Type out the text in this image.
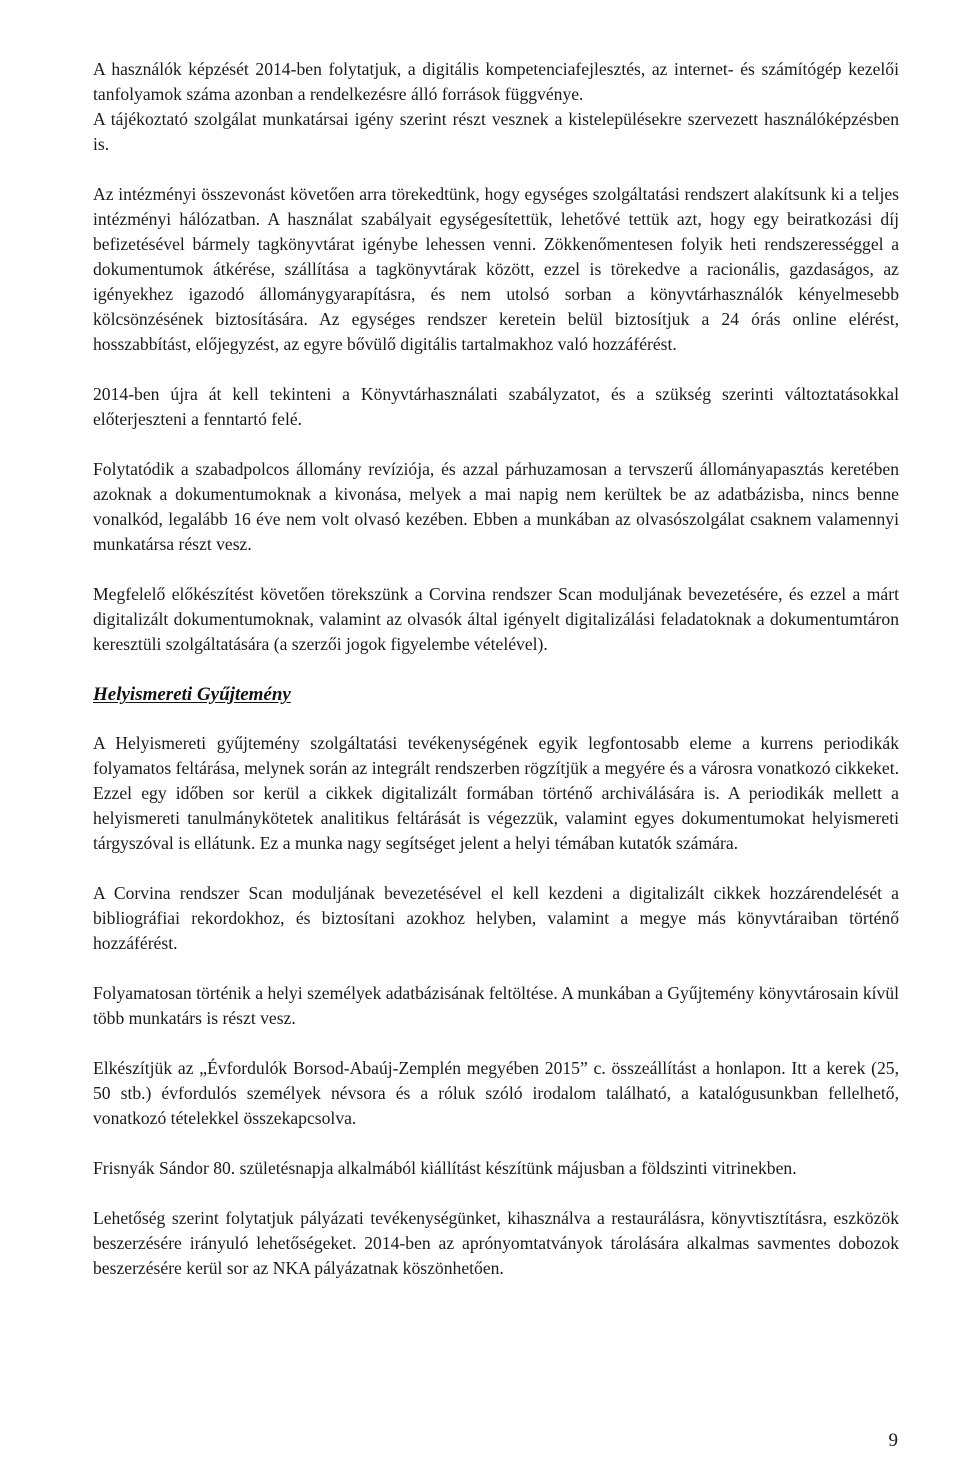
A használók képzését 2014-ben folytatjuk, a digitális kompetenciafejlesztés, az internet- és számítógép kezelői tanfolyamok száma azonban a rendelkezésre álló források függvénye.

A tájékoztató szolgálat munkatársai igény szerint részt vesznek a kistelepülésekre szervezett használóképzésben is.

Az intézményi összevonást követően arra törekedtünk, hogy egységes szolgáltatási rendszert alakítsunk ki a teljes intézményi hálózatban. A használat szabályait egységesítettük, lehetővé tettük azt, hogy egy beiratkozási díj befizetésével bármely tagkönyvtárat igénybe lehessen venni. Zökkenőmentesen folyik heti rendszerességgel a dokumentumok átkérése, szállítása a tagkönyvtárak között, ezzel is törekedve a racionális, gazdaságos, az igényekhez igazodó állománygyarapításra, és nem utolsó sorban a könyvtárhasználók kényelmesebb kölcsönzésének biztosítására. Az egységes rendszer keretein belül biztosítjuk a 24 órás online elérést, hosszabbítást, előjegyzést, az egyre bővülő digitális tartalmakhoz való hozzáférést.

2014-ben újra át kell tekinteni a Könyvtárhasználati szabályzatot, és a szükség szerinti változtatásokkal előterjeszteni a fenntartó felé.

Folytatódik a szabadpolcos állomány revíziója, és azzal párhuzamosan a tervszerű állományapasztás keretében azoknak a dokumentumoknak a kivonása, melyek a mai napig nem kerültek be az adatbázisba, nincs benne vonalkód, legalább 16 éve nem volt olvasó kezében. Ebben a munkában az olvasószolgálat csaknem valamennyi munkatársa részt vesz.

Megfelelő előkészítést követően törekszünk a Corvina rendszer Scan moduljának bevezetésére, és ezzel a márt digitalizált dokumentumoknak, valamint az olvasók által igényelt digitalizálási feladatoknak a dokumentumtáron keresztüli szolgáltatására (a szerzői jogok figyelembe vételével).

Helyismereti Gyűjtemény

A Helyismereti gyűjtemény szolgáltatási tevékenységének egyik legfontosabb eleme a kurrens periodikák folyamatos feltárása, melynek során az integrált rendszerben rögzítjük a megyére és a városra vonatkozó cikkeket. Ezzel egy időben sor kerül a cikkek digitalizált formában történő archiválására is. A periodikák mellett a helyismereti tanulmánykötetek analitikus feltárását is végezzük, valamint egyes dokumentumokat helyismereti tárgyszóval is ellátunk. Ez a munka nagy segítséget jelent a helyi témában kutatók számára.

A Corvina rendszer Scan moduljának bevezetésével el kell kezdeni a digitalizált cikkek hozzárendelését a bibliográfiai rekordokhoz, és biztosítani azokhoz helyben, valamint a megye más könyvtáraiban történő hozzáférést.

Folyamatosan történik a helyi személyek adatbázisának feltöltése. A munkában a Gyűjtemény könyvtárosain kívül több munkatárs is részt vesz.

Elkészítjük az „Évfordulók Borsod-Abaúj-Zemplén megyében 2015” c. összeállítást a honlapon. Itt a kerek (25, 50 stb.) évfordulós személyek névsora és a róluk szóló irodalom található, a katalógusunkban fellelhető, vonatkozó tételekkel összekapcsolva.

Frisnyák Sándor 80. születésnapja alkalmából kiállítást készítünk májusban a földszinti vitrinekben.

Lehetőség szerint folytatjuk pályázati tevékenységünket, kihasználva a restaurálásra, könyvtisztításra, eszközök beszerzésére irányuló lehetőségeket. 2014-ben az aprónyomtatványok tárolására alkalmas savmentes dobozok beszerzésére kerül sor az NKA pályázatnak köszönhetően.

9
